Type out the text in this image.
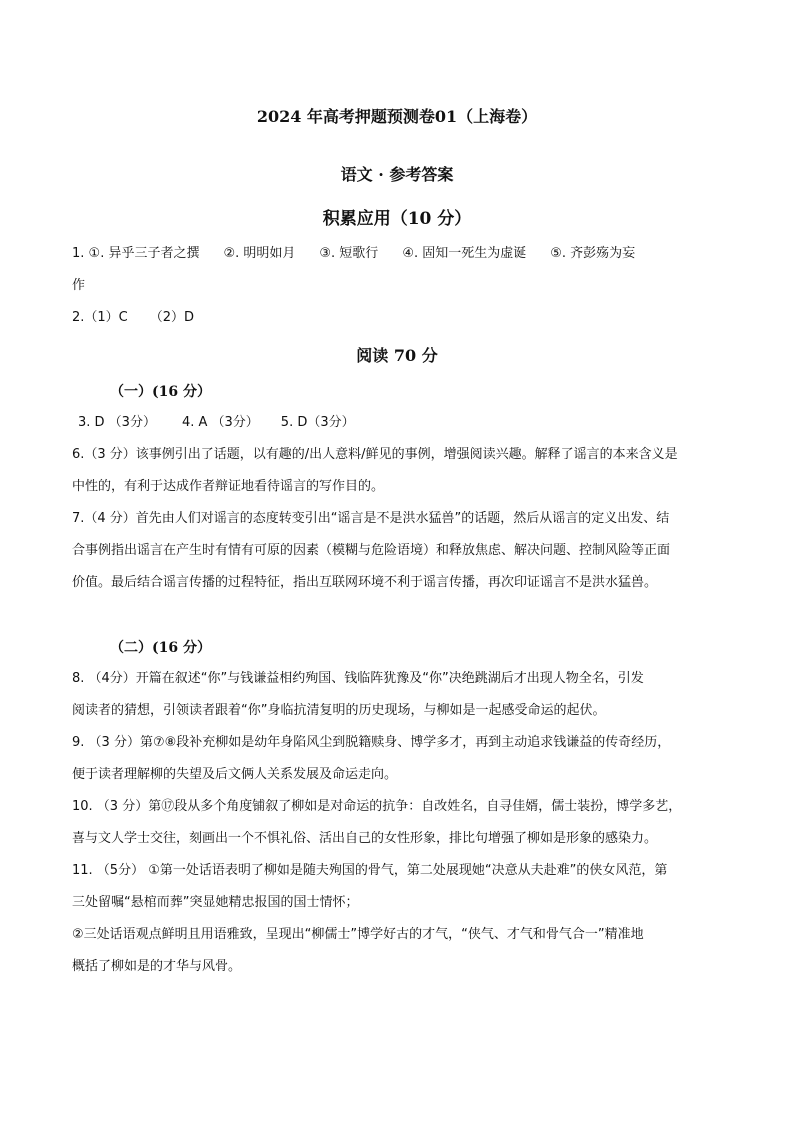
2024 年高考押题预测卷01（上海卷）
语文 · 参考答案
积累应用（10 分）
1. ①. 异乎三子者之撰 ②. 明明如月 ③. 短歌行 ④. 固知一死生为虚诞 ⑤. 齐彭殇为妄
作
2.（1）C （2）D
阅读 70 分
（一）(16 分）
3. D （3分） 4. A （3分） 5. D（3分）
6.（3 分）该事例引出了话题，以有趣的/出人意料/鲜见的事例，增强阅读兴趣。解释了谣言的本来含义是
中性的，有利于达成作者辩证地看待谣言的写作目的。
7.（4 分）首先由人们对谣言的态度转变引出“谣言是不是洪水猛兽”的话题，然后从谣言的定义出发、结
合事例指出谣言在产生时有情有可原的因素（模糊与危险语境）和释放焦虑、解决问题、控制风险等正面
价值。最后结合谣言传播的过程特征，指出互联网环境不利于谣言传播，再次印证谣言不是洪水猛兽。
（二）(16 分）
8. （4分）开篇在叙述“你”与钱谦益相约殉国、钱临阵犹豫及“你”决绝跳湖后才出现人物全名，引发
阅读者的猜想，引领读者跟着“你”身临抗清复明的历史现场，与柳如是一起感受命运的起伏。
9. （3 分）第⑦⑧段补充柳如是幼年身陷风尘到脱籍赎身、博学多才，再到主动追求钱谦益的传奇经历，
便于读者理解柳的失望及后文俩人关系发展及命运走向。
10. （3 分）第⑰段从多个角度铺叙了柳如是对命运的抗争：自改姓名，自寻佳婿，儒士装扮，博学多艺，
喜与文人学士交往，刻画出一个不惧礼俗、活出自己的女性形象，排比句增强了柳如是形象的感染力。
11. （5分） ①第一处话语表明了柳如是随夫殉国的骨气，第二处展现她“决意从夫赴难”的侠女风范，第
三处留嘱“悬棺而葬”突显她精忠报国的国士情怀；
②三处话语观点鲜明且用语雅致，呈现出“柳儒士”博学好古的才气，“侠气、才气和骨气合一”精准地
概括了柳如是的才华与风骨。
